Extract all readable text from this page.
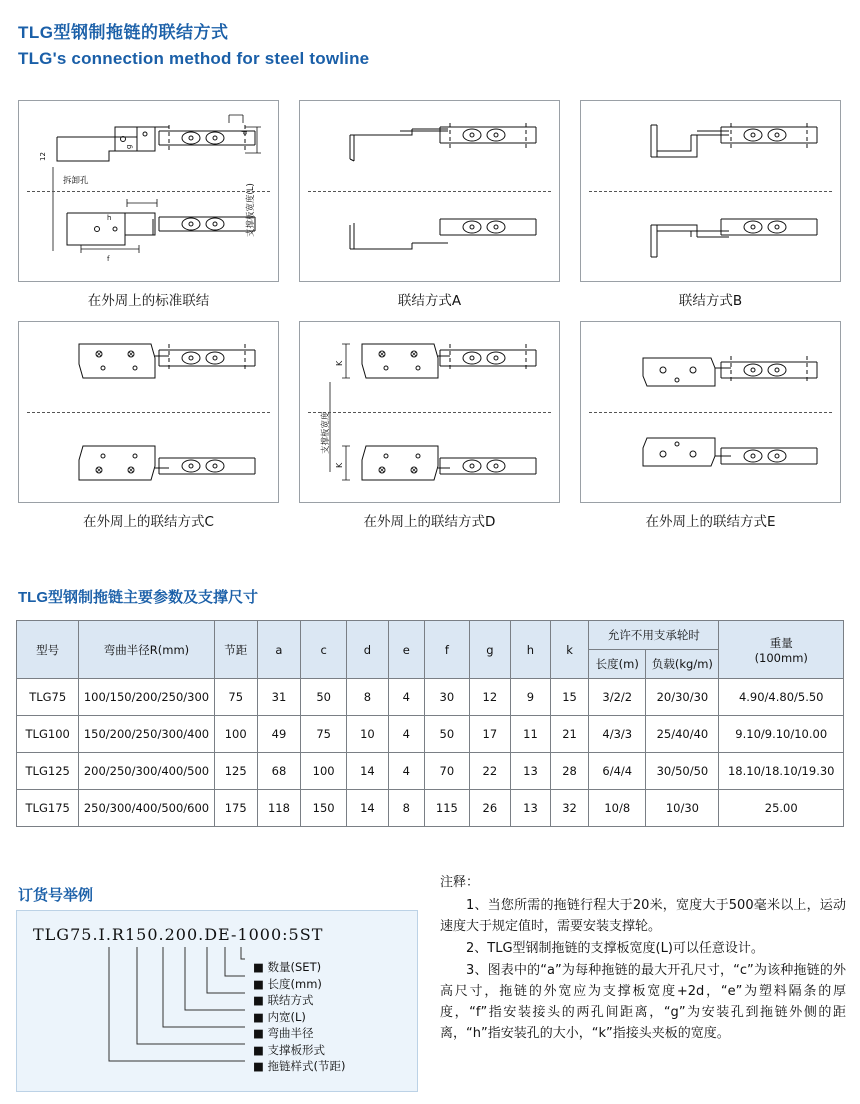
TLG型钢制拖链的联结方式
TLG's connection method for steel towline
12
g
d
h
f
拆卸孔
支撑板宽度(L)
在外周上的标准联结	联结方式A	联结方式B
在外周上的联结方式C
K
K
支撑板宽度
在外周上的联结方式D	在外周上的联结方式E
TLG型钢制拖链主要参数及支撑尺寸
型号	弯曲半径R(mm)	节距	a	c	d	e	f	g	h	k	允许不用支承轮时		重量
(100mm)

											长度(m)	负载(kg/m)	
TLG75	100/150/200/250/300	75	31	50	8	4	30	12	9	15	3/2/2	20/30/30	4.90/4.80/5.50
TLG100	150/200/250/300/400	100	49	75	10	4	50	17	11	21	4/3/3	25/40/40	9.10/9.10/10.00
TLG125	200/250/300/400/500	125	68	100	14	4	70	22	13	28	6/4/4	30/50/50	18.10/18.10/19.30
TLG175	250/300/400/500/600	175	118	150	14	8	115	26	13	32	10/8	10/30	25.00
订货号举例
TLG75.I.R150.200.DE-1000:5ST
■ 数量(SET)
■ 长度(mm)
■ 联结方式
■ 内宽(L)
■ 弯曲半径
■ 支撑板形式
■ 拖链样式(节距)
注释：

1、当您所需的拖链行程大于20米，宽度大于500毫米以上，运动速度大于规定值时，需要安装支撑轮。

2、TLG型钢制拖链的支撑板宽度(L)可以任意设计。

3、图表中的“a”为每种拖链的最大开孔尺寸，“c”为该种拖链的外高尺寸，拖链的外宽应为支撑板宽度+2d，“e”为塑料隔条的厚度，“f”指安装接头的两孔间距离，“g”为安装孔到拖链外侧的距离，“h”指安装孔的大小，“k”指接头夹板的宽度。
